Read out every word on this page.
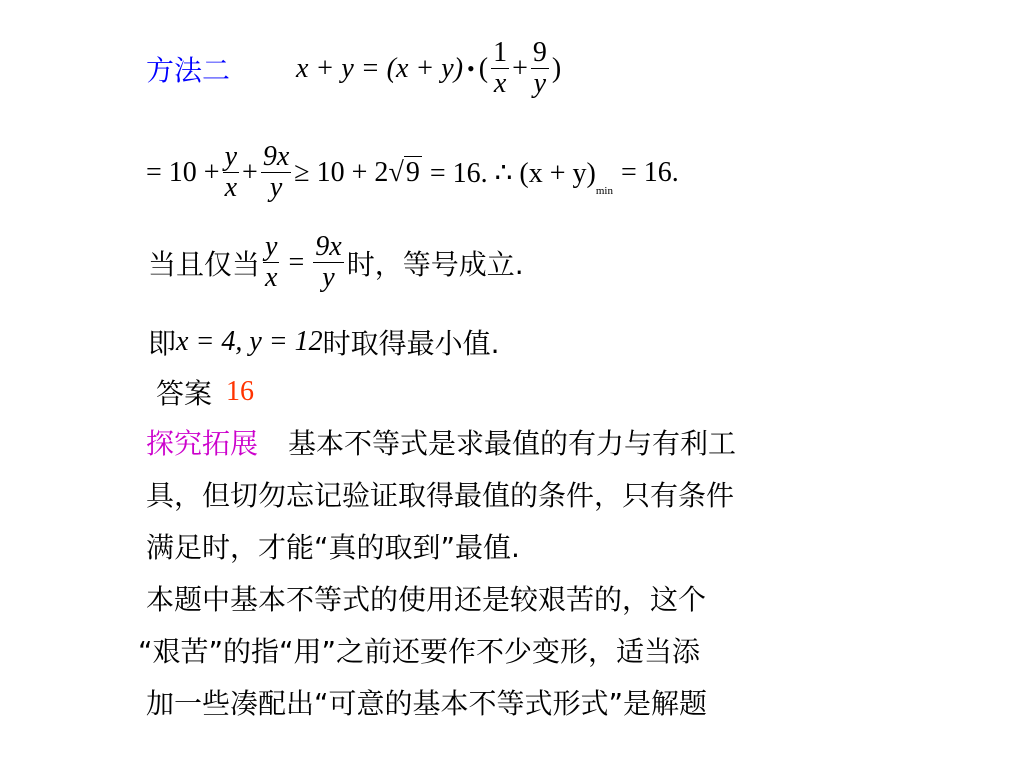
方法二	x + y = (x + y) • ( $\frac{1}{x} + \frac{9}{y}$ )
= $10 + \frac{y}{x} + \frac{9x}{y} \ge 10 + 2$ √ 9 = 16. ∴ (x + y)
min
= 16.
当且仅当 $\frac{y}{x} = \frac{9x}{y}$ 时，等号成立.
即 x = 4, y = 12 时取得最小值.
答案 16
探究拓展 基本不等式是求最值的有力与有利工
具，但切勿忘记验证取得最值的条件，只有条件
满足时，才能“真的取到”最值.
本题中基本不等式的使用还是较艰苦的，这个
“艰苦”的指“用”之前还要作不少变形，适当添
加一些凑配出“可意的基本不等式形式”是解题
